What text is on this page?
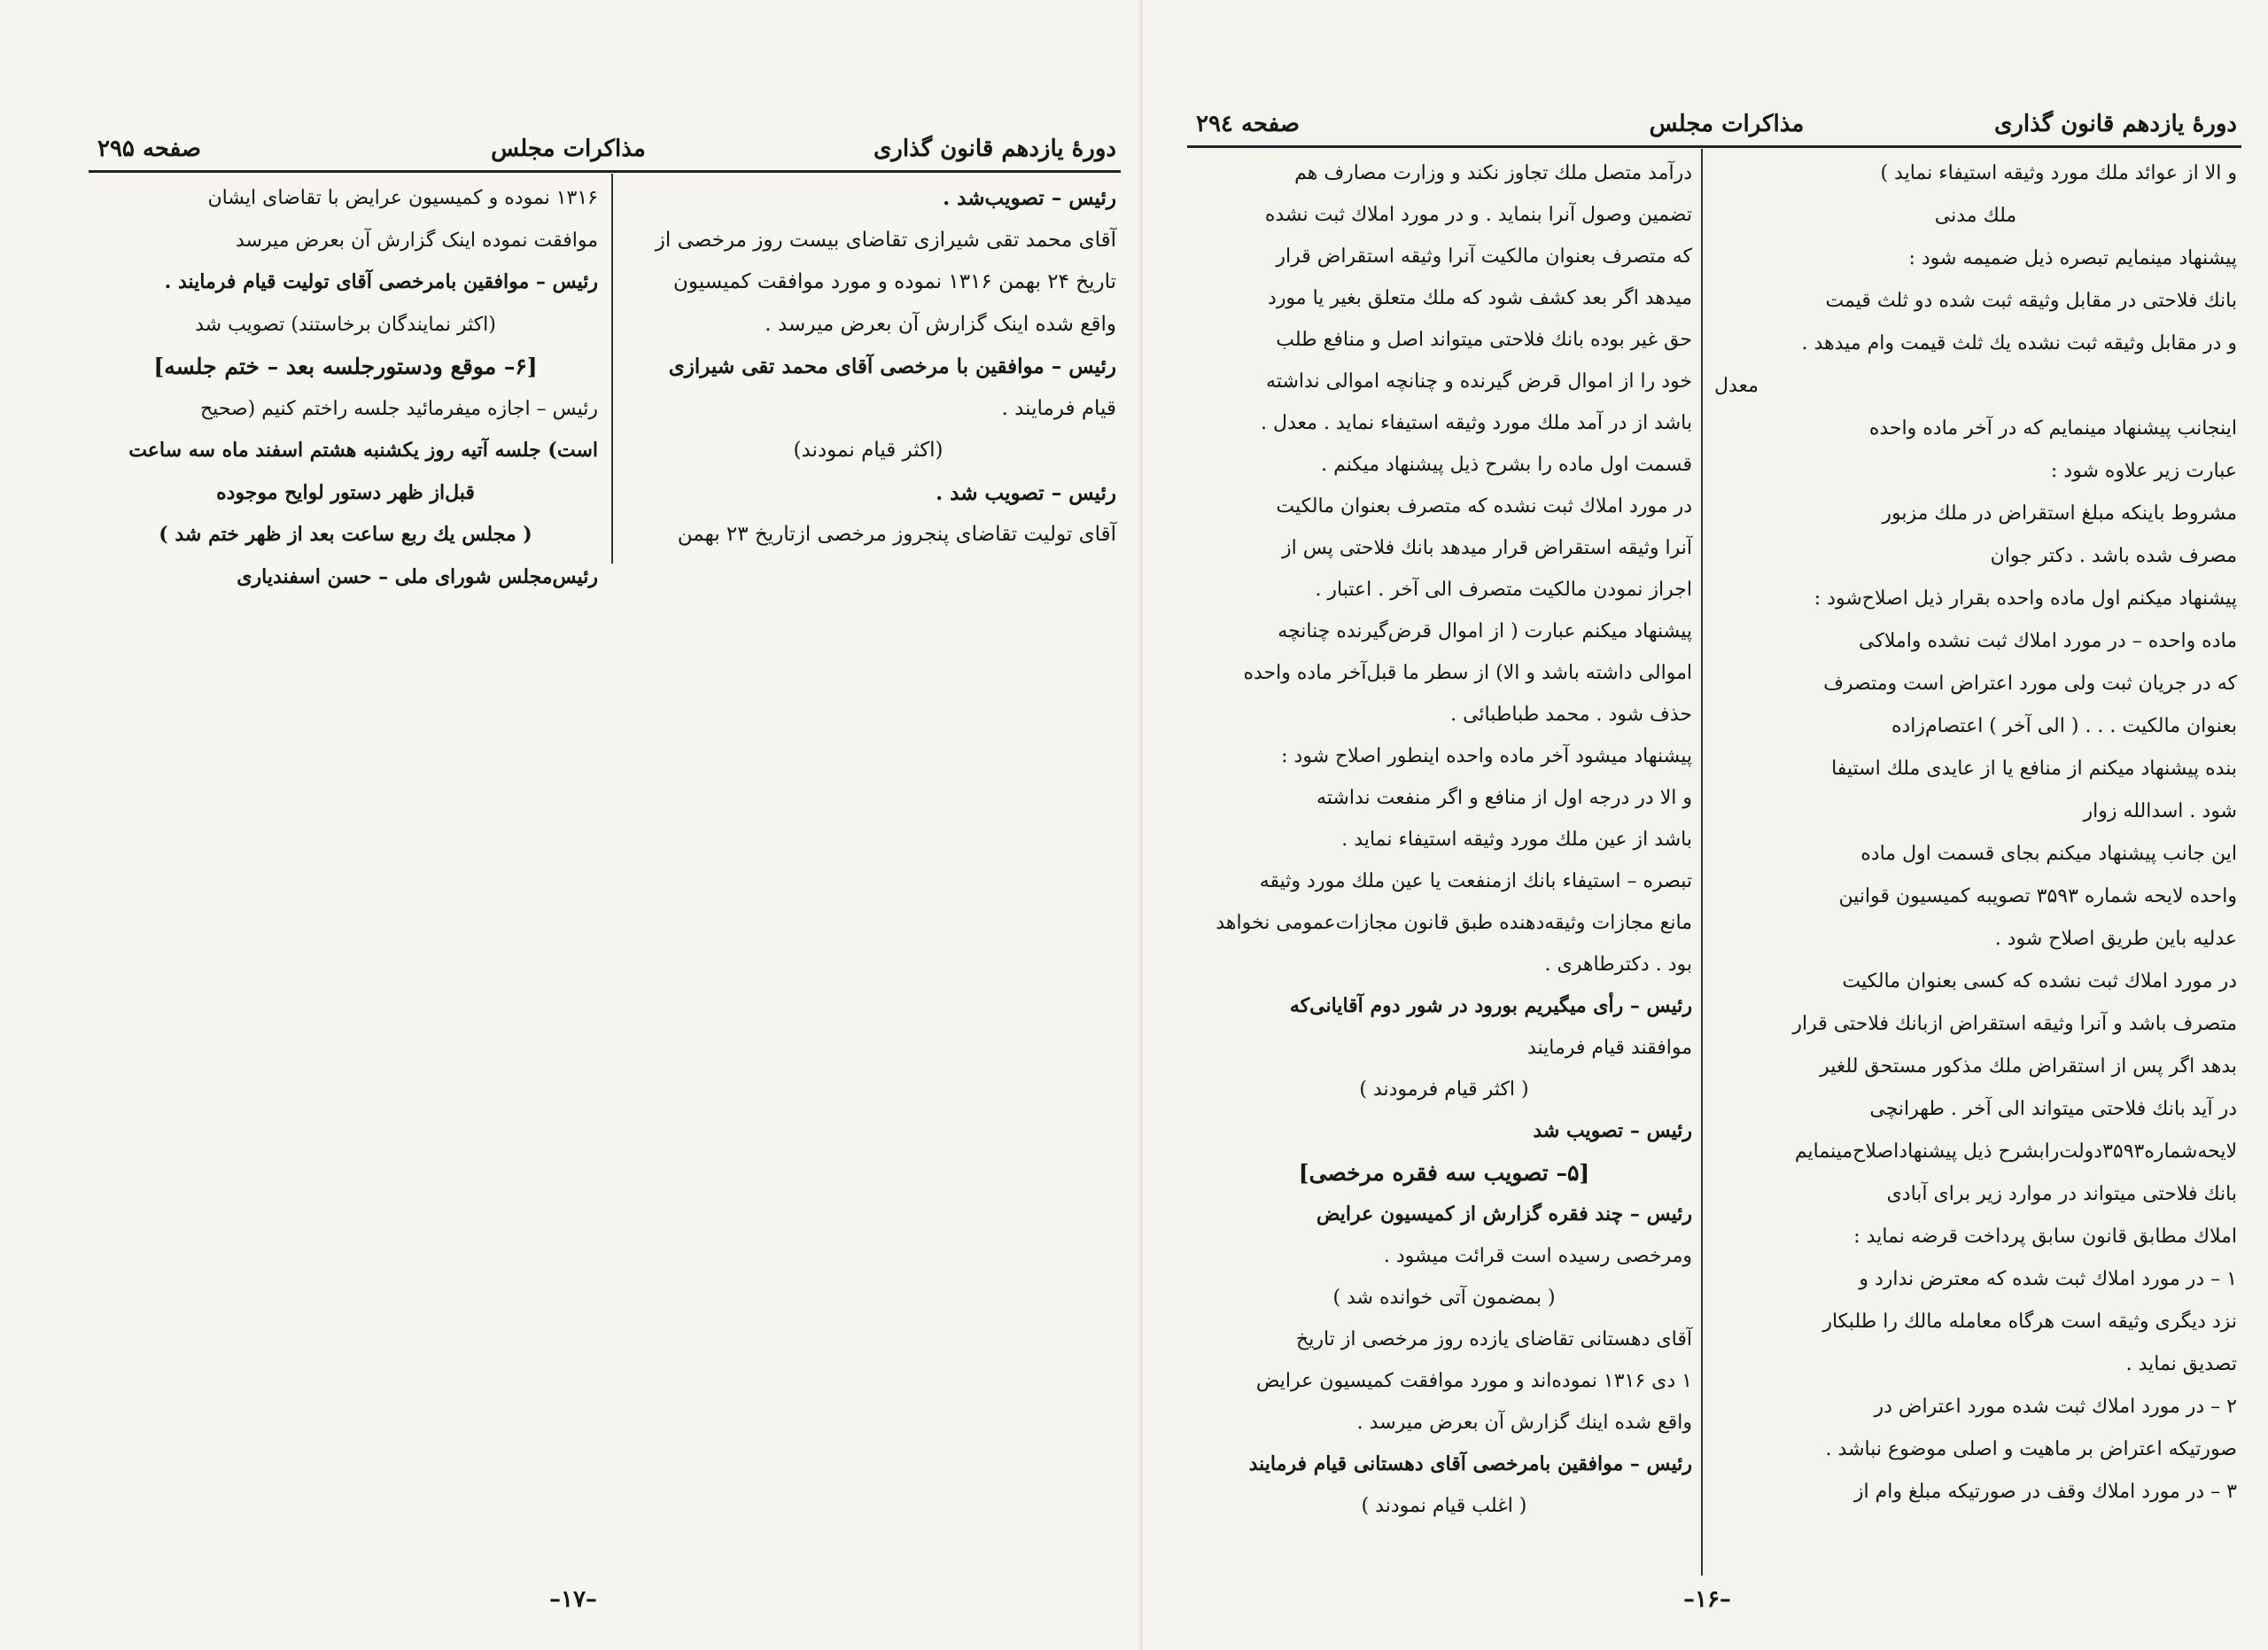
دورهٔ یازدهم قانون گذاری
مذاکرات مجلس
صفحه ۲۹۵

رئیس – تصویب‌شد .

آقای محمد تقی شیرازی تقاضای بیست روز مرخصی از

تاریخ ۲۴ بهمن ۱۳۱۶ نموده و مورد موافقت کمیسیون

واقع شده اینک گزارش آن بعرض میرسد .

رئیس – موافقین با مرخصی آقای محمد تقی شیرازی

قیام فرمایند .

(اکثر قیام نمودند)

رئیس – تصویب شد .

آقای تولیت تقاضای پنجروز مرخصی ازتاریخ ۲۳ بهمن

۱۳۱۶ نموده و کمیسیون عرایض با تقاضای ایشان

موافقت نموده اینک گزارش آن بعرض میرسد

رئیس – موافقین بامرخصی آقای تولیت قیام فرمایند .

(اکثر نمایندگان برخاستند) تصویب شد

[۶– موقع ودستورجلسه بعد – ختم جلسه]

رئیس – اجازه میفرمائید جلسه راختم کنیم (صحیح

است) جلسه آتیه روز یکشنبه هشتم اسفند ماه سه ساعت

قبل‌از ظهر دستور لوایح موجوده

( مجلس یك ربع ساعت بعد از ظهر ختم شد )

رئیس‌مجلس شورای ملی – حسن اسفندیاری

–۱۷–
دورهٔ یازدهم قانون گذاری
مذاکرات مجلس
صفحه ۲۹٤

و الا از عوائد ملك مورد وثیقه استیفاء نماید )

ملك مدنی

پیشنهاد مینمایم تبصره ذیل ضمیمه شود :

بانك فلاحتی در مقابل وثیقه ثبت شده دو ثلث قیمت

و در مقابل وثیقه ثبت نشده یك ثلث قیمت وام میدهد .

معدل

اینجانب پیشنهاد مینمایم که در آخر ماده واحده

عبارت زیر علاوه شود :

مشروط باینکه مبلغ استقراض در ملك مزبور

مصرف شده باشد . دکتر جوان

پیشنهاد میکنم اول ماده واحده بقرار ذیل اصلاح‌شود :

ماده واحده – در مورد املاك ثبت نشده واملاکی

که در جریان ثبت ولی مورد اعتراض است ومتصرف

بعنوان مالکیت . . . ( الی آخر ) اعتصام‌زاده

بنده پیشنهاد میکنم از منافع یا از عایدی ملك استیفا

شود . اسدالله زوار

این جانب پیشنهاد میکنم بجای قسمت اول ماده

واحده لایحه شماره ۳۵۹۳ تصویبه کمیسیون قوانین

عدلیه باین طریق اصلاح شود .

در مورد املاك ثبت نشده که کسی بعنوان مالکیت

متصرف باشد و آنرا وثیقه استقراض ازبانك فلاحتی قرار

بدهد اگر پس از استقراض ملك مذکور مستحق للغیر

در آید بانك فلاحتی میتواند الی آخر . طهرانچی

لایحه‌شماره۳۵۹۳دولت‌رابشرح ذیل پیشنهاد‌اصلاح‌مینمایم

بانك فلاحتی میتواند در موارد زیر برای آبادی

املاك مطابق قانون سابق پرداخت قرضه نماید :

۱ – در مورد املاك ثبت شده که معترض ندارد و

نزد دیگری وثیقه است هرگاه معامله مالك را طلبکار

تصدیق نماید .

۲ – در مورد املاك ثبت شده مورد اعتراض در

صورتیکه اعتراض بر ماهیت و اصلی موضوع نباشد .

۳ – در مورد املاك وقف در صورتیکه مبلغ وام از

درآمد متصل ملك تجاوز نکند و وزارت مصارف هم

تضمین وصول آنرا بنماید . و در مورد املاك ثبت نشده

که متصرف بعنوان مالکیت آنرا وثیقه استقراض قرار

میدهد اگر بعد کشف شود که ملك متعلق بغیر یا مورد

حق غیر بوده بانك فلاحتی میتواند اصل و منافع طلب

خود را از اموال قرض گیرنده و چنانچه اموالی نداشته

باشد از در آمد ملك مورد وثیقه استیفاء نماید . معدل .

قسمت اول ماده را بشرح ذیل پیشنهاد میکنم .

در مورد املاك ثبت نشده که متصرف بعنوان مالکیت

آنرا وثیقه استقراض قرار میدهد بانك فلاحتی پس از

اجراز نمودن مالکیت متصرف الی آخر . اعتبار .

پیشنهاد میکنم عبارت ( از اموال قرض‌گیرنده چنانچه

اموالی داشته باشد و الا) از سطر ما قبل‌آخر ماده واحده

حذف شود . محمد طباطبائی .

پیشنهاد میشود آخر ماده واحده اینطور اصلاح شود :

و الا در درجه اول از منافع و اگر منفعت نداشته

باشد از عین ملك مورد وثیقه استیفاء نماید .

تبصره – استیفاء بانك ازمنفعت یا عین ملك مورد وثیقه

مانع مجازات وثیقه‌دهنده طبق قانون مجازات‌عمومی نخواهد

بود . دکتر‌طاهری .

رئیس – رأی میگیریم بورود در شور دوم آقایانی‌که

موافقند قیام فرمایند

( اکثر قیام فرمودند )

رئیس – تصویب شد

[۵– تصویب سه فقره مرخصی]

رئیس – چند فقره گزارش از کمیسیون عرایض

ومرخصی رسیده است قرائت میشود .

( بمضمون آتی خوانده شد )

آقای دهستانی تقاضای یازده روز مرخصی از تاریخ

۱ دی ۱۳۱۶ نموده‌اند و مورد موافقت کمیسیون عرایض

واقع شده اینك گزارش آن بعرض میرسد .

رئیس – موافقین بامرخصی آقای دهستانی قیام فرمایند

( اغلب قیام نمودند )

–۱۶–
